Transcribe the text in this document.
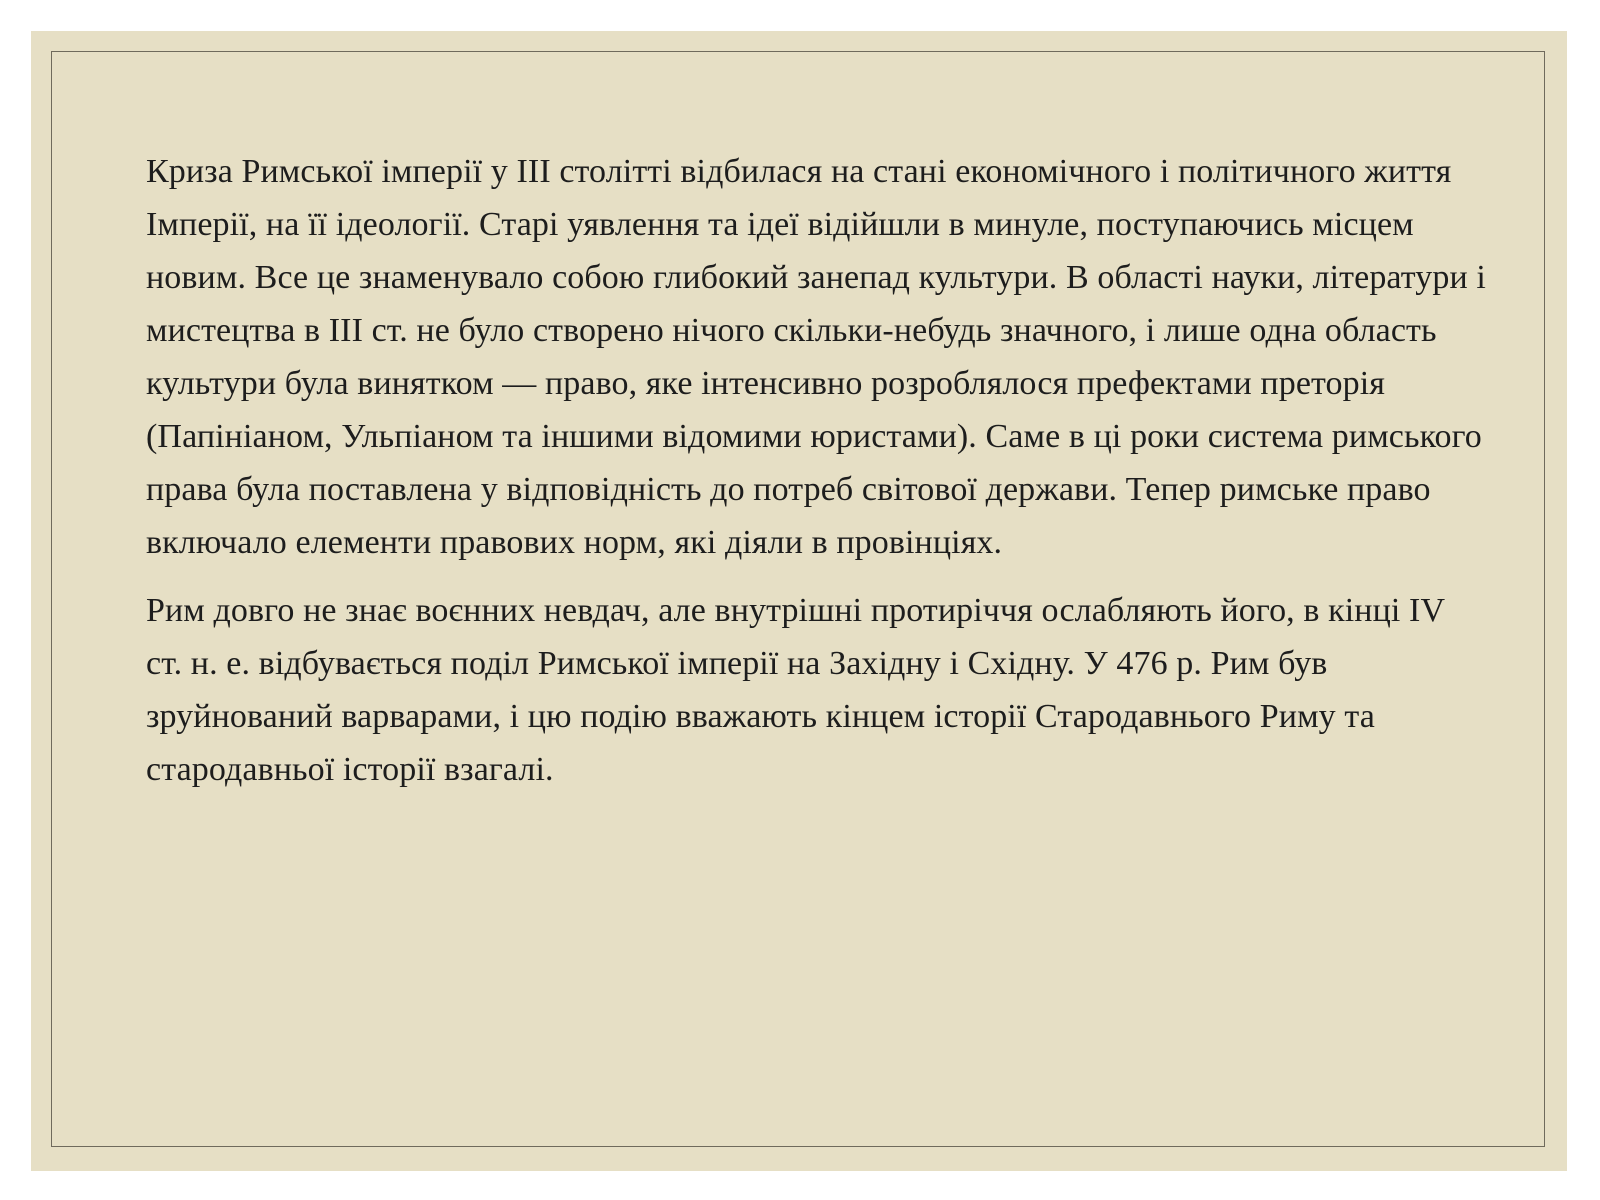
Криза Римської імперії у III столітті відбилася на стані економічного і політичного життя Імперії, на її ідеології. Старі уявлення та ідеї відійшли в минуле, поступаючись місцем новим. Все це знаменувало собою глибокий занепад культури. В області науки, літератури і мистецтва в III ст. не було створено нічого скільки-небудь значного, і лише одна область культури була винятком — право, яке інтенсивно розроблялося префектами преторія (Папініаном, Ульпіаном та іншими відомими юристами). Саме в ці роки система римського права була поставлена у відповідність до потреб світової держави. Тепер римське право включало елементи правових норм, які діяли в провінціях.

Рим довго не знає воєнних невдач, але внутрішні протиріччя ослабляють його, в кінці IV ст. н. е. відбувається поділ Римської імперії на Західну і Східну. У 476 р. Рим був зруйнований варварами, і цю подію вважають кінцем історії Стародавнього Риму та стародавньої історії взагалі.
